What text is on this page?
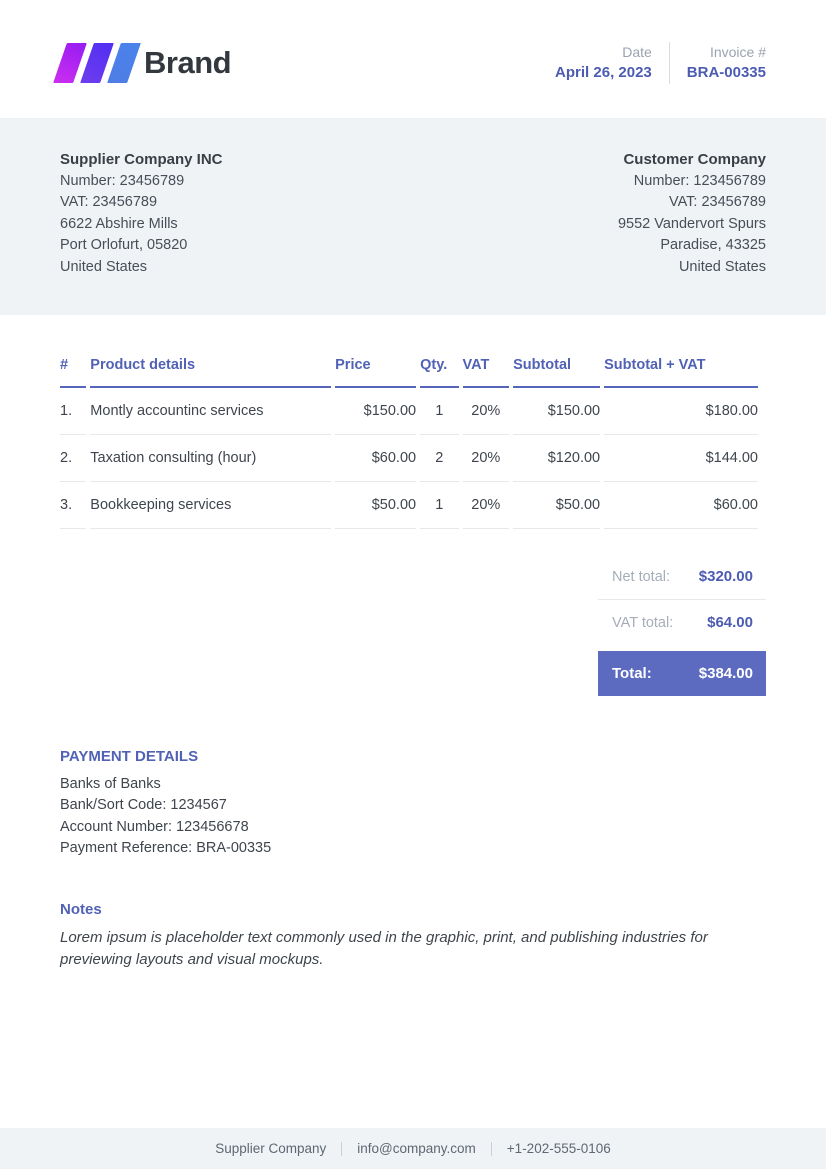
Brand	Date
April 26, 2023
Invoice #
BRA-00335
Supplier Company INC
Number: 23456789
VAT: 23456789
6622 Abshire Mills
Port Orlofurt, 05820
United States
Customer Company
Number: 123456789
VAT: 23456789
9552 Vandervort Spurs
Paradise, 43325
United States
#	Product details	Price	Qty.	VAT	Subtotal	Subtotal + VAT
1.	Montly accountinc services	$150.00	1	20%	$150.00	$180.00
2.	Taxation consulting (hour)	$60.00	2	20%	$120.00	$144.00
3.	Bookkeeping services	$50.00	1	20%	$50.00	$60.00
Net total: $320.00
VAT total: $64.00
Total:	$384.00
PAYMENT DETAILS
Banks of Banks
Bank/Sort Code: 1234567
Account Number: 123456678
Payment Reference: BRA-00335
Notes

Lorem ipsum is placeholder text commonly used in the graphic, print, and publishing industries for previewing layouts and visual mockups.

Supplier Company info@company.com +1-202-555-0106
